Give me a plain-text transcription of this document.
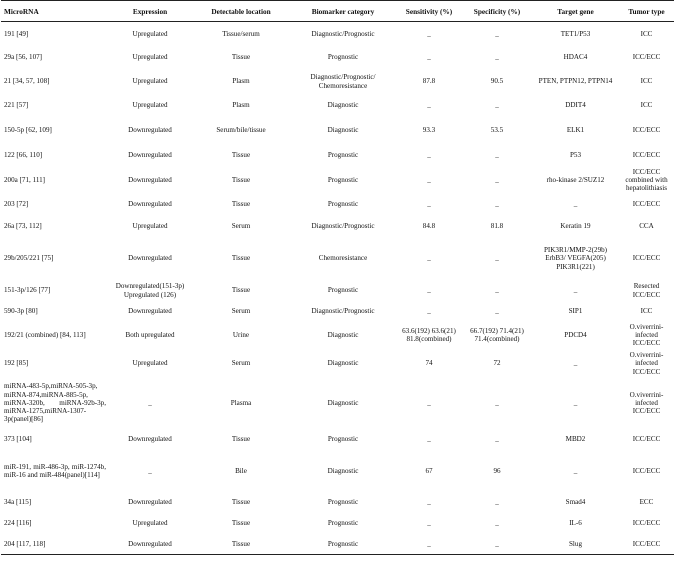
MicroRNA	Expression	Detectable location	Biomarker category	Sensitivity (%)	Specificity (%)	Target gene	Tumor type
191 [49]	Upregulated	Tissue/serum	Diagnostic/Prognostic	_	_	TET1/P53	ICC
29a [56, 107]	Upregulated	Tissue	Prognostic	_	_	HDAC4	ICC/ECC
21 [34, 57, 108]	Upregulated	Plasm	Diagnostic/Prognostic/ Chemoresistance	87.8	90.5	PTEN, PTPN12, PTPN14	ICC
221 [57]	Upregulated	Plasm	Diagnostic	_	_	DDIT4	ICC
150-5p [62, 109]	Downregulated	Serum/bile/tissue	Diagnostic	93.3	53.5	ELK1	ICC/ECC
122 [66, 110]	Downregulated	Tissue	Prognostic	_	_	P53	ICC/ECC
200a [71, 111]	Downregulated	Tissue	Prognostic	_	_	rho-kinase 2/SUZ12	ICC/ECC combined with hepatolithiasis
203 [72]	Downregulated	Tissue	Prognostic	_	_	_	ICC/ECC
26a [73, 112]	Upregulated	Serum	Diagnostic/Prognostic	84.8	81.8	Keratin 19	CCA
29b/205/221 [75]	Downregulated	Tissue	Chemoresistance	_	_	PIK3R1/MMP-2(29b) ErbB3/ VEGFA(205) PIK3R1(221)	ICC/ECC
151-3p/126 [77]	Downregulated(151-3p) Upregulated (126)	Tissue	Prognostic	_	_	_	Resected ICC/ECC
590-3p [80]	Downregulated	Serum	Diagnostic/Prognostic	_	_	SIP1	ICC
192/21 (combined) [84, 113]	Both upregulated	Urine	Diagnostic	63.6(192) 63.6(21) 81.8(combined)	66.7(192) 71.4(21) 71.4(combined)	PDCD4	O.viverrini-infected ICC/ECC
192 [85]	Upregulated	Serum	Diagnostic	74	72	_	O.viverrini-infected ICC/ECC
miRNA-483-5p,miRNA-505-3p, miRNA-874,miRNA-885-5p, miRNA-320b, miRNA-92b-3p, miRNA-1275,miRNA-1307-3p(panel)[86]	_	Plasma	Diagnostic	_	_	_	O.viverrini-infected ICC/ECC
373 [104]	Downregulated	Tissue	Prognostic	_	_	MBD2	ICC/ECC
miR-191, miR-486-3p, miR-1274b, miR-16 and miR-484(panel)[114]	_	Bile	Diagnostic	67	96	_	ICC/ECC
34a [115]	Downregulated	Tissue	Prognostic	_	_	Smad4	ECC
224 [116]	Upregulated	Tissue	Prognostic	_	_	IL-6	ICC/ECC
204 [117, 118]	Downregulated	Tissue	Prognostic	_	_	Slug	ICC/ECC
